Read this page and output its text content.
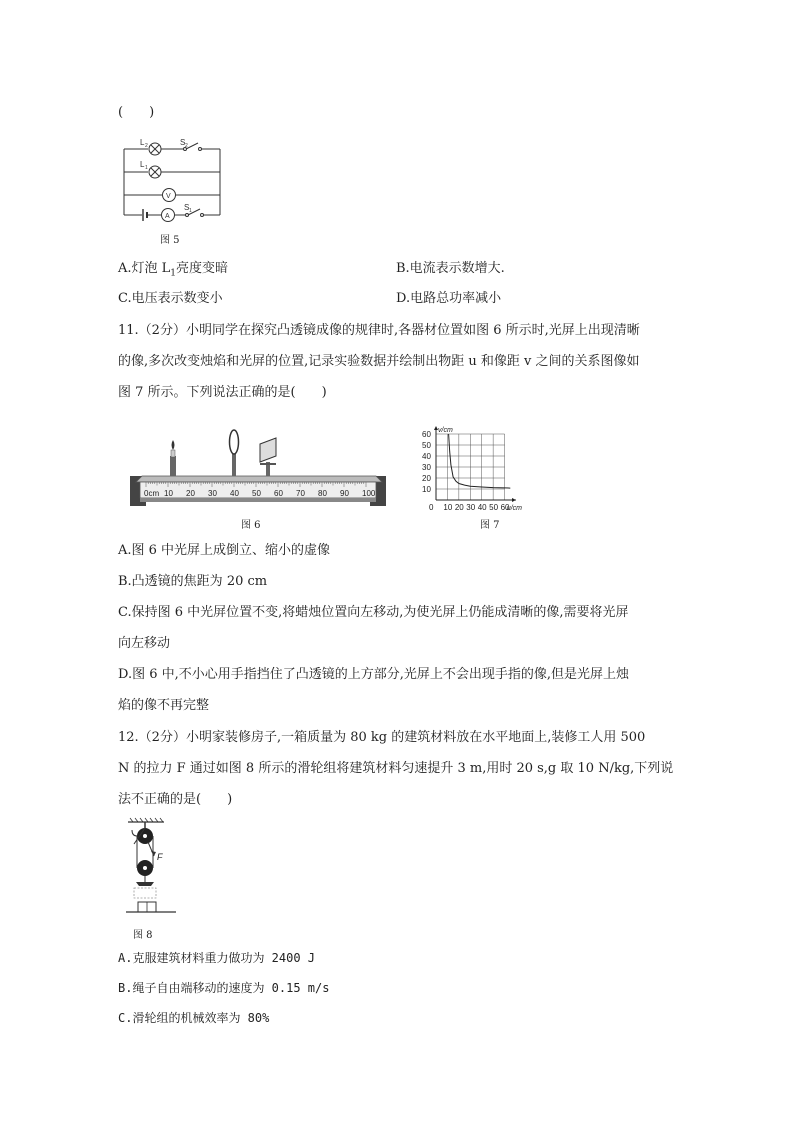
(　　)
L 2	S 2
L 1
V
A
S 1
图 5
A.灯泡 $L_1$亮度变暗	B.电流表示数增大.
C.电压表示数变小	D.电路总功率减小
11.（2分）小明同学在探究凸透镜成像的规律时,各器材位置如图 6 所示时,光屏上出现清晰
的像,多次改变烛焰和光屏的位置,记录实验数据并绘制出物距 u 和像距 v 之间的关系图像如
图 7 所示。下列说法正确的是(　　)
0cm 10 20 30 40 50 60 70 80 90 100
图 6
10
20
30
40
50
60
0 10 20 30 40 50 60
v/cm
u/cm
图 7
A.图 6 中光屏上成倒立、缩小的虚像
B.凸透镜的焦距为 20 cm
C.保持图 6 中光屏位置不变,将蜡烛位置向左移动,为使光屏上仍能成清晰的像,需要将光屏
向左移动
D.图 6 中,不小心用手指挡住了凸透镜的上方部分,光屏上不会出现手指的像,但是光屏上烛
焰的像不再完整
12.（2分）小明家装修房子,一箱质量为 80 kg 的建筑材料放在水平地面上,装修工人用 500
N 的拉力 F 通过如图 8 所示的滑轮组将建筑材料匀速提升 3 m,用时 20 s,g 取 10 N/kg,下列说
法不正确的是(　　)
F
图 8
A.克服建筑材料重力做功为 2400 J
B.绳子自由端移动的速度为 0.15 m/s
C.滑轮组的机械效率为 80%
